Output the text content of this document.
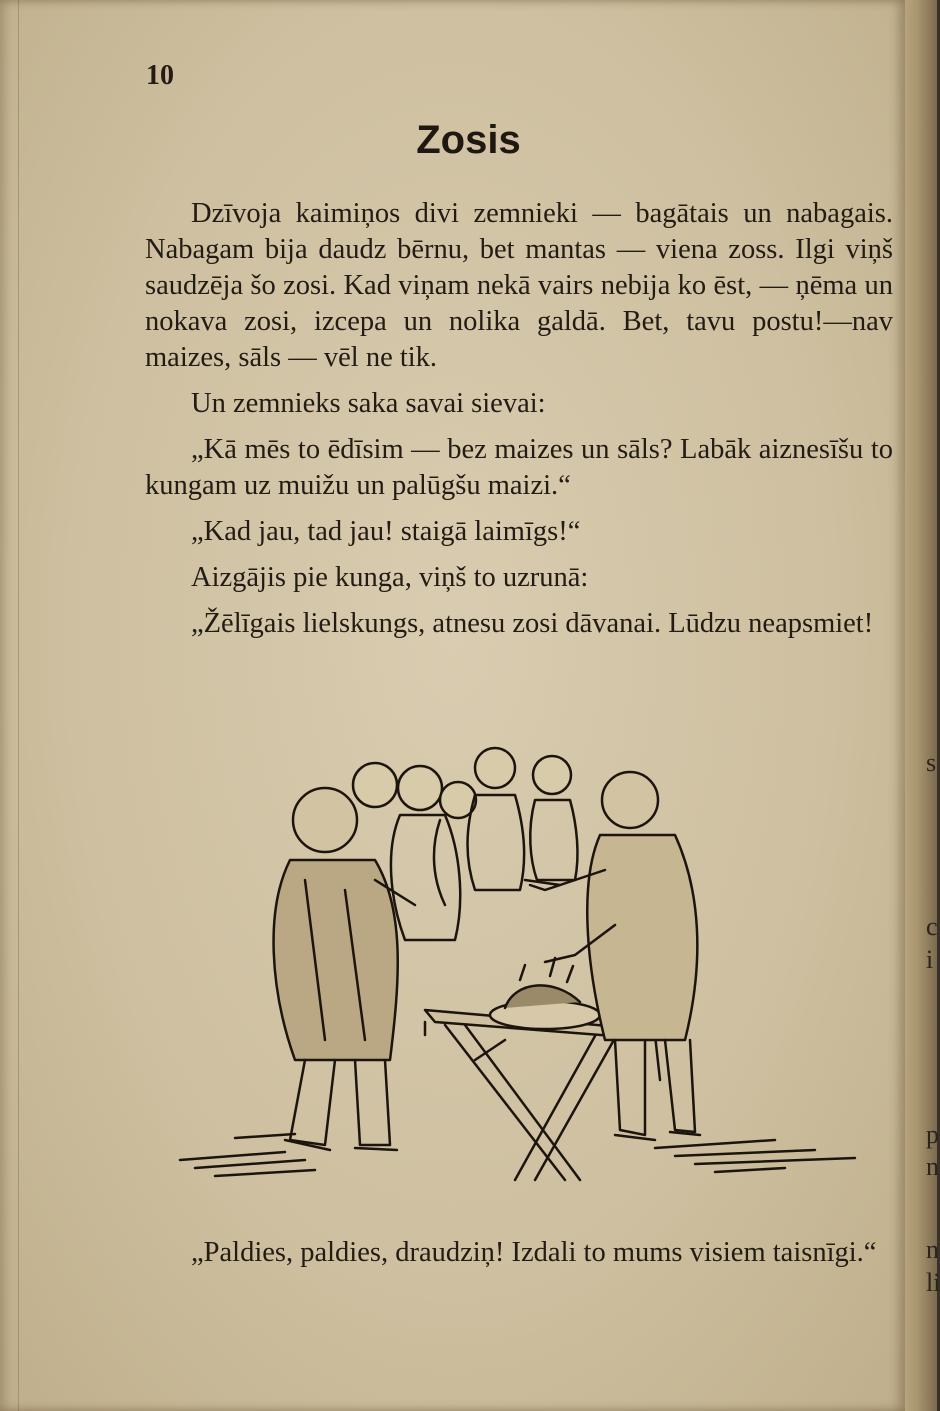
10
Zosis

Dzīvoja kaimiņos divi zemnieki — bagātais un nabagais. Nabagam bija daudz bērnu, bet mantas — viena zoss. Ilgi viņš saudzēja šo zosi. Kad viņam nekā vairs nebija ko ēst, — ņēma un nokava zosi, izcepa un nolika galdā. Bet, tavu postu!—nav maizes, sāls — vēl ne tik.

Un zemnieks saka savai sievai:

„Kā mēs to ēdīsim — bez maizes un sāls? Labāk aiznesīšu to kungam uz muižu un palūgšu maizi.“

„Kad jau, tad jau! staigā laimīgs!“

Aizgājis pie kunga, viņš to uzrunā:

„Žēlīgais lielskungs, atnesu zosi dāvanai. Lūdzu neapsmiet!

„Paldies, paldies, draudziņ! Izdali to mums visiem taisnīgi.“

s
c
i
p
n
n
li
